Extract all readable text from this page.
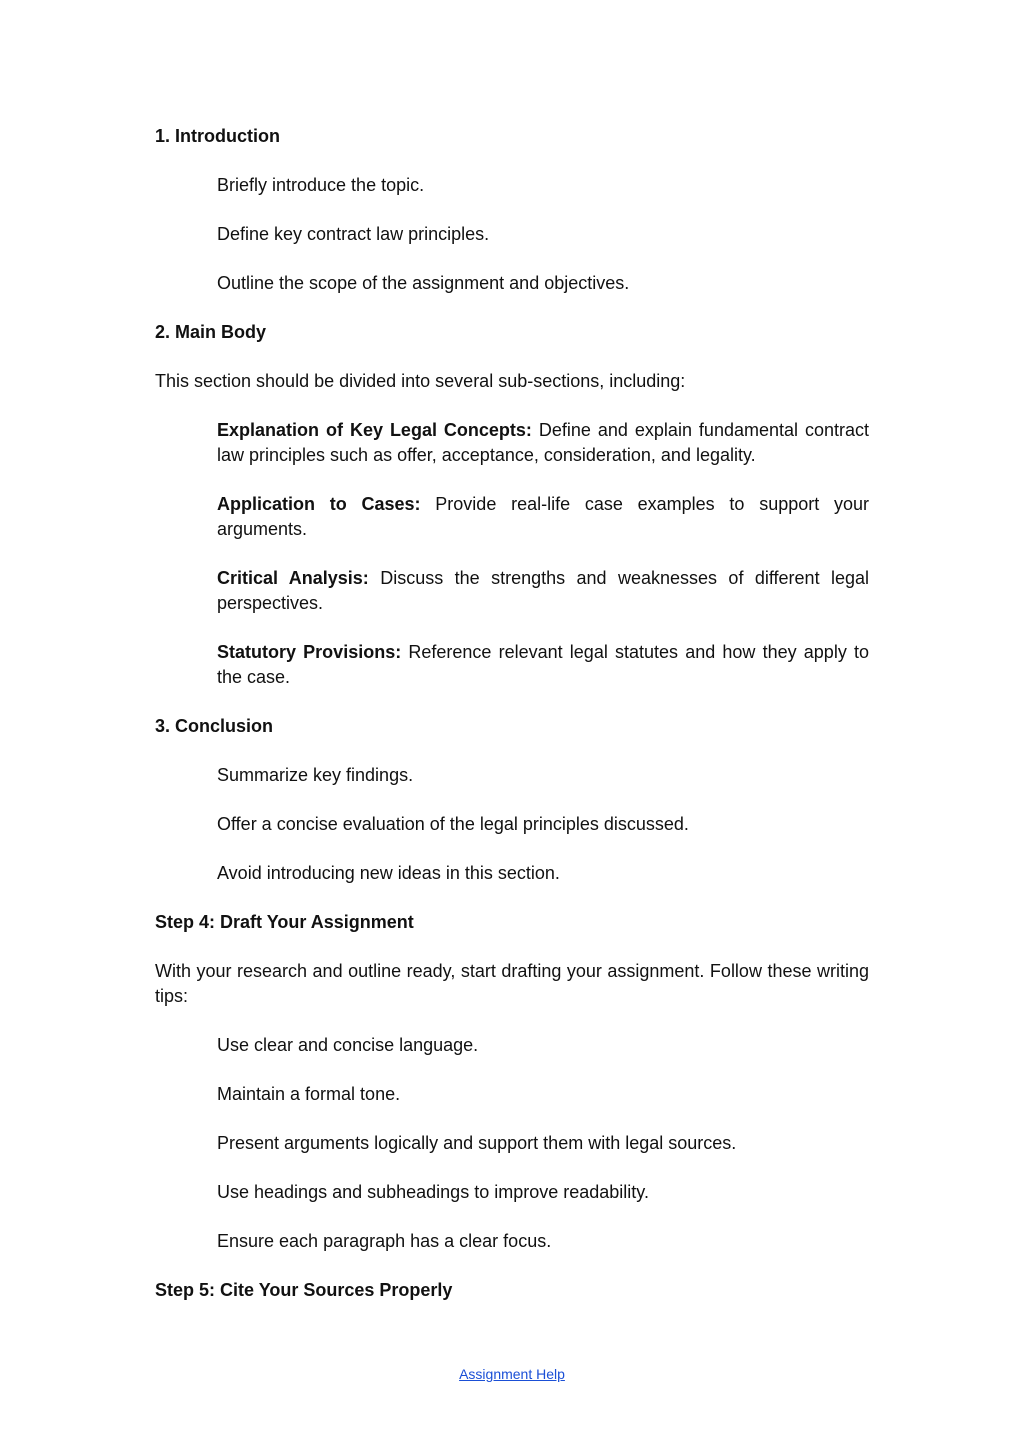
1. Introduction
Briefly introduce the topic.
Define key contract law principles.
Outline the scope of the assignment and objectives.
2. Main Body
This section should be divided into several sub-sections, including:
Explanation of Key Legal Concepts: Define and explain fundamental contract law principles such as offer, acceptance, consideration, and legality.
Application to Cases: Provide real-life case examples to support your arguments.
Critical Analysis: Discuss the strengths and weaknesses of different legal perspectives.
Statutory Provisions: Reference relevant legal statutes and how they apply to the case.
3. Conclusion
Summarize key findings.
Offer a concise evaluation of the legal principles discussed.
Avoid introducing new ideas in this section.
Step 4: Draft Your Assignment
With your research and outline ready, start drafting your assignment. Follow these writing tips:
Use clear and concise language.
Maintain a formal tone.
Present arguments logically and support them with legal sources.
Use headings and subheadings to improve readability.
Ensure each paragraph has a clear focus.
Step 5: Cite Your Sources Properly
Assignment Help
